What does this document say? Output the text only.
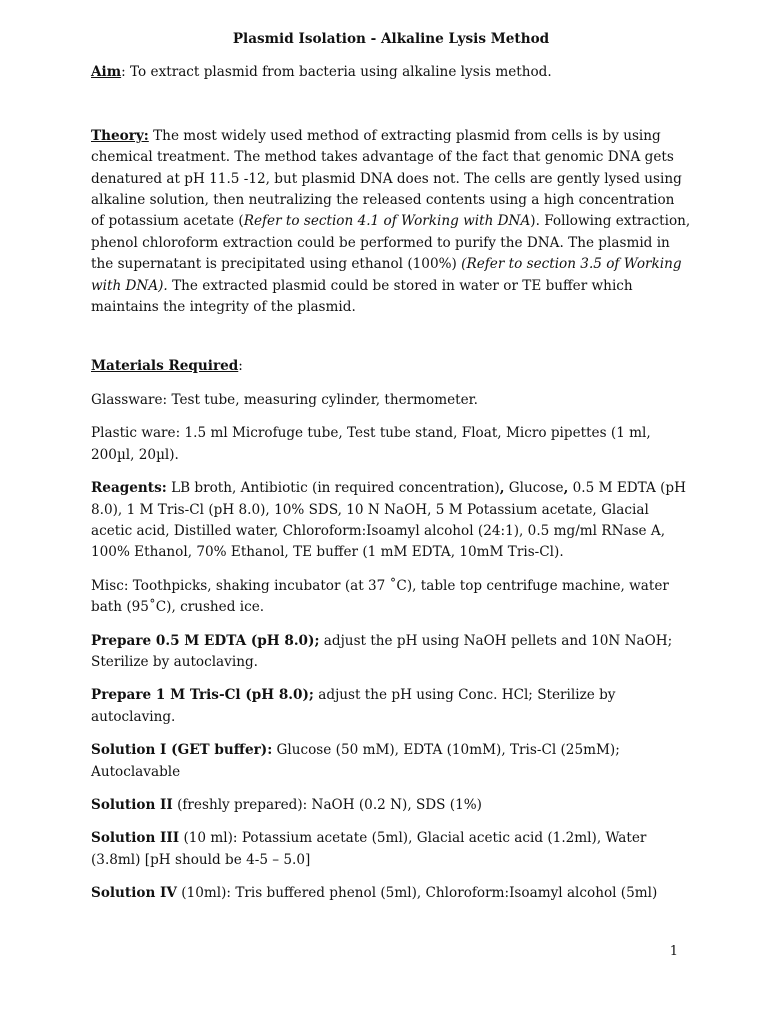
Plasmid Isolation - Alkaline Lysis Method

Aim: To extract plasmid from bacteria using alkaline lysis method.

Theory: The most widely used method of extracting plasmid from cells is by using chemical treatment. The method takes advantage of the fact that genomic DNA gets denatured at pH 11.5 -12, but plasmid DNA does not. The cells are gently lysed using alkaline solution, then neutralizing the released contents using a high concentration of potassium acetate (Refer to section 4.1 of Working with DNA). Following extraction, phenol chloroform extraction could be performed to purify the DNA. The plasmid in the supernatant is precipitated using ethanol (100%) (Refer to section 3.5 of Working with DNA). The extracted plasmid could be stored in water or TE buffer which maintains the integrity of the plasmid.

Materials Required:

Glassware: Test tube, measuring cylinder, thermometer.

Plastic ware: 1.5 ml Microfuge tube, Test tube stand, Float, Micro pipettes (1 ml, 200µl, 20µl).

Reagents: LB broth, Antibiotic (in required concentration), Glucose, 0.5 M EDTA (pH 8.0), 1 M Tris-Cl (pH 8.0), 10% SDS, 10 N NaOH, 5 M Potassium acetate, Glacial acetic acid, Distilled water, Chloroform:Isoamyl alcohol (24:1), 0.5 mg/ml RNase A, 100% Ethanol, 70% Ethanol, TE buffer (1 mM EDTA, 10mM Tris-Cl).

Misc: Toothpicks, shaking incubator (at 37 ˚C), table top centrifuge machine, water bath (95˚C), crushed ice.

Prepare 0.5 M EDTA (pH 8.0); adjust the pH using NaOH pellets and 10N NaOH; Sterilize by autoclaving.

Prepare 1 M Tris-Cl (pH 8.0); adjust the pH using Conc. HCl; Sterilize by autoclaving.

Solution I (GET buffer): Glucose (50 mM), EDTA (10mM), Tris-Cl (25mM); Autoclavable

Solution II (freshly prepared): NaOH (0.2 N), SDS (1%)

Solution III (10 ml): Potassium acetate (5ml), Glacial acetic acid (1.2ml), Water (3.8ml) [pH should be 4-5 – 5.0]

Solution IV (10ml): Tris buffered phenol (5ml), Chloroform:Isoamyl alcohol (5ml)

1
